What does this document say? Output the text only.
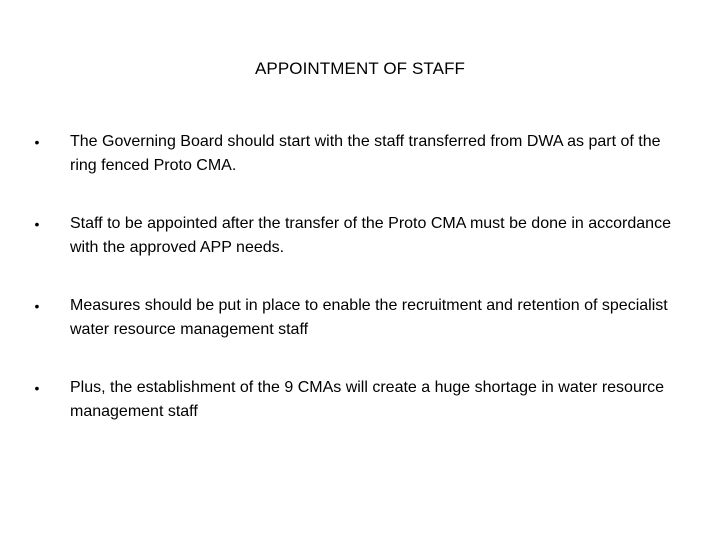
APPOINTMENT OF STAFF
• The Governing Board should start with the staff transferred from DWA as part of the ring fenced Proto CMA.
• Staff to be appointed after the transfer of the Proto CMA must be done in accordance with the approved APP needs.
• Measures should be put in place to enable the recruitment and retention of specialist water resource management staff
• Plus, the establishment of the 9 CMAs will create a huge shortage in water resource management staff
